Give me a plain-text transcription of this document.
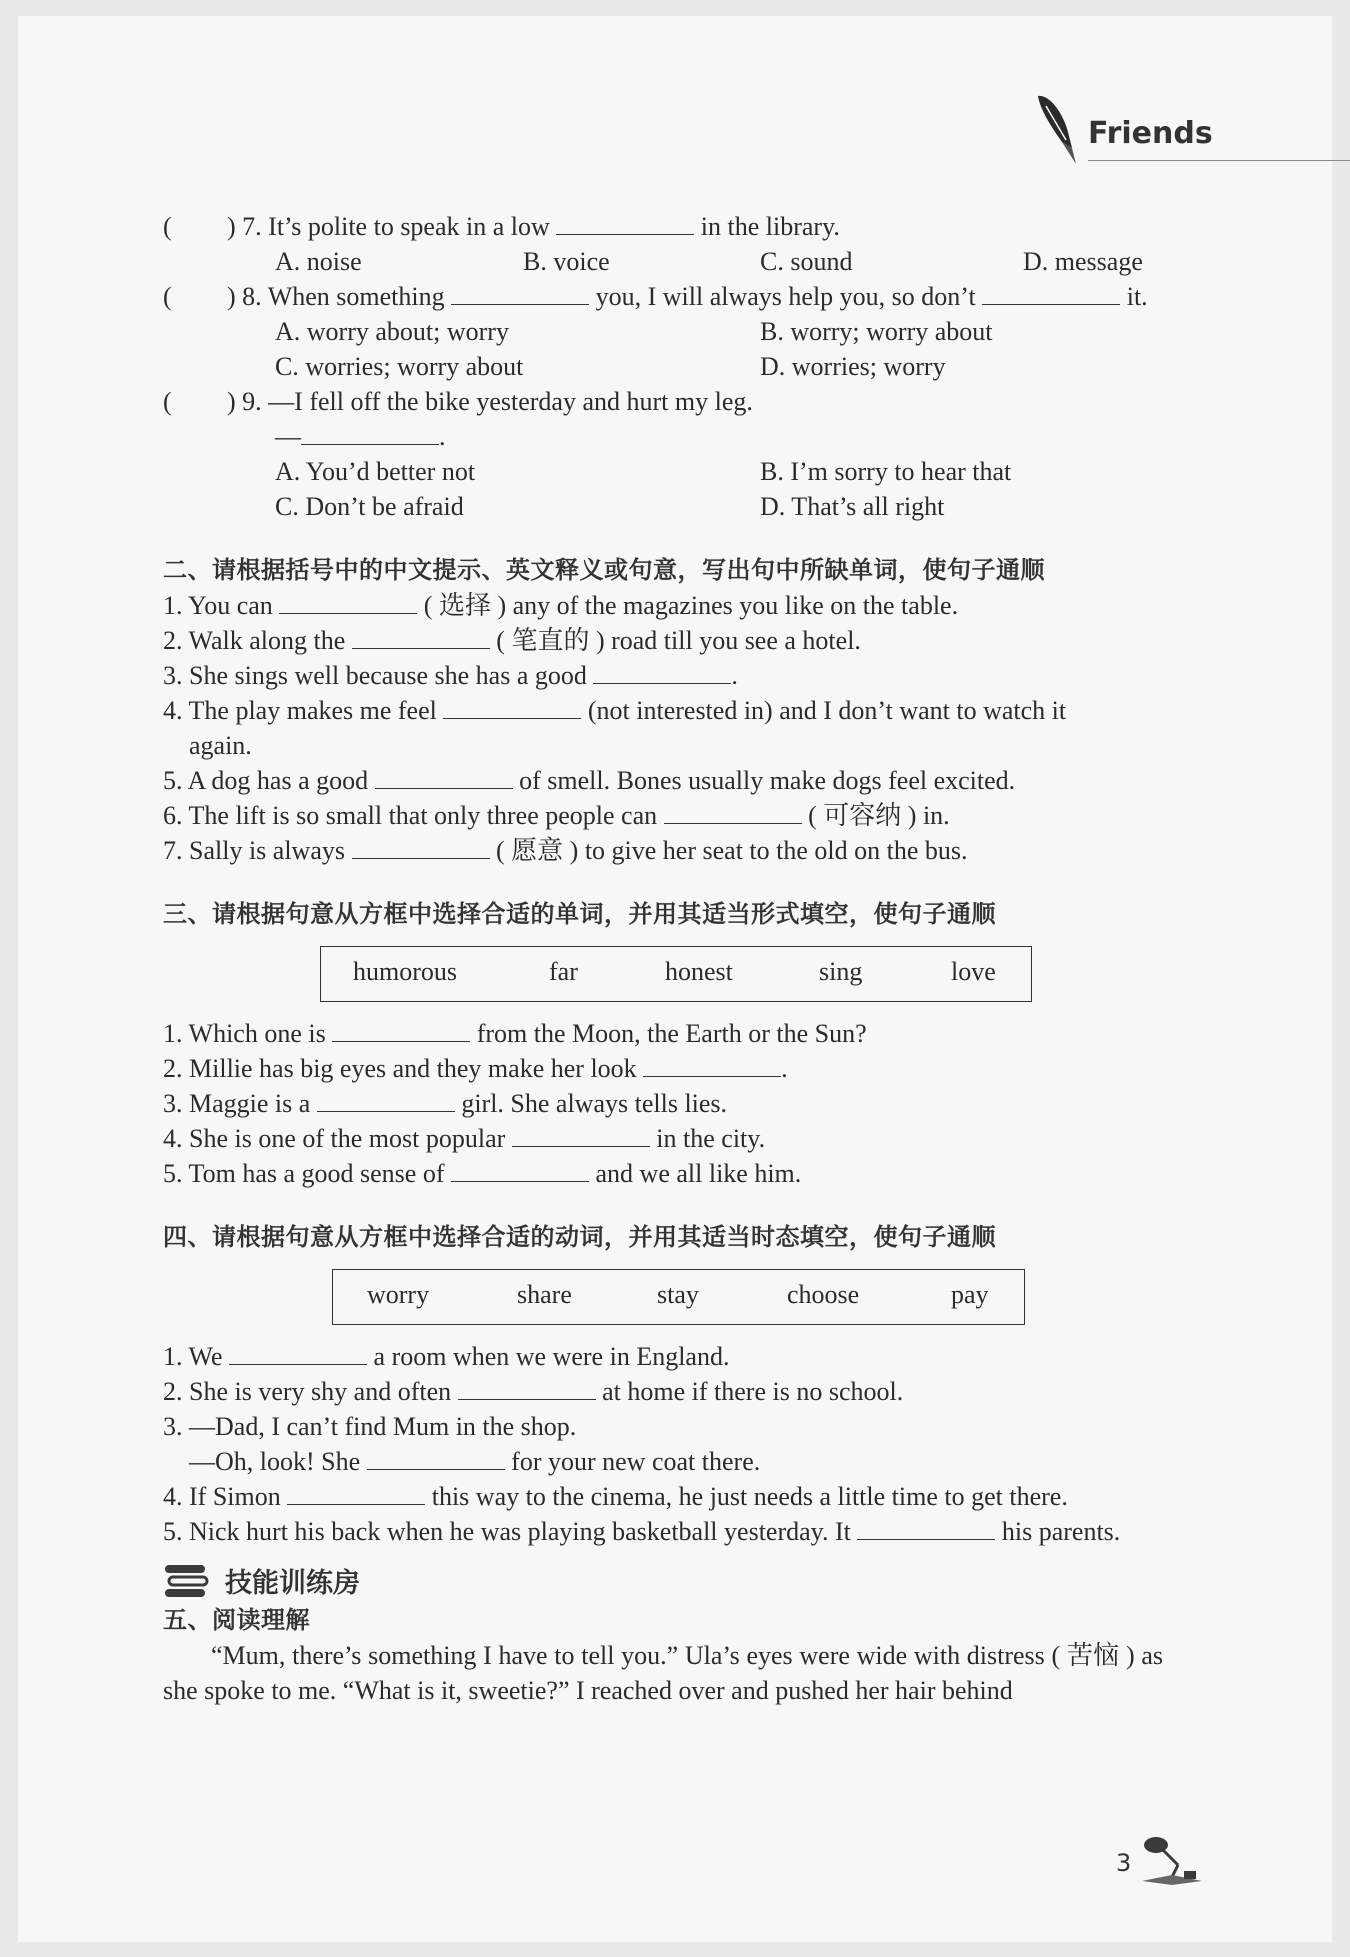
Friends
( ) 7. It’s polite to speak in a low	in the library.
A. noise	B. voice	C. sound	D. message
( ) 8. When something	you, I will always help you, so don’t	it.
A. worry about; worry	B. worry; worry about
C. worries; worry about	D. worries; worry
( ) 9. —I fell off the bike yesterday and hurt my leg.
—	.
A. You’d better not	B. I’m sorry to hear that
C. Don’t be afraid	D. That’s all right
二、请根据括号中的中文提示、英文释义或句意，写出句中所缺单词，使句子通顺
1. You can	( 选择 ) any of the magazines you like on the table.
2. Walk along the	( 笔直的 ) road till you see a hotel.
3. She sings well because she has a good	.
4. The play makes me feel	(not interested in) and I don’t want to watch it
again.
5. A dog has a good	of smell. Bones usually make dogs feel excited.
6. The lift is so small that only three people can	( 可容纳 ) in.
7. Sally is always	( 愿意 ) to give her seat to the old on the bus.
三、请根据句意从方框中选择合适的单词，并用其适当形式填空，使句子通顺
humorous	far	honest	sing	love
1. Which one is	from the Moon, the Earth or the Sun?
2. Millie has big eyes and they make her look	.
3. Maggie is a	girl. She always tells lies.
4. She is one of the most popular	in the city.
5. Tom has a good sense of	and we all like him.
四、请根据句意从方框中选择合适的动词，并用其适当时态填空，使句子通顺
worry	share	stay	choose	pay
1. We	a room when we were in England.
2. She is very shy and often	at home if there is no school.
3. —Dad, I can’t find Mum in the shop.
—Oh, look! She	for your new coat there.
4. If Simon	this way to the cinema, he just needs a little time to get there.
5. Nick hurt his back when he was playing basketball yesterday. It	his parents.
技能训练房
五、阅读理解
“Mum, there’s something I have to tell you.” Ula’s eyes were wide with distress ( 苦恼 ) as she spoke to me. “What is it, sweetie?” I reached over and pushed her hair behind
3
